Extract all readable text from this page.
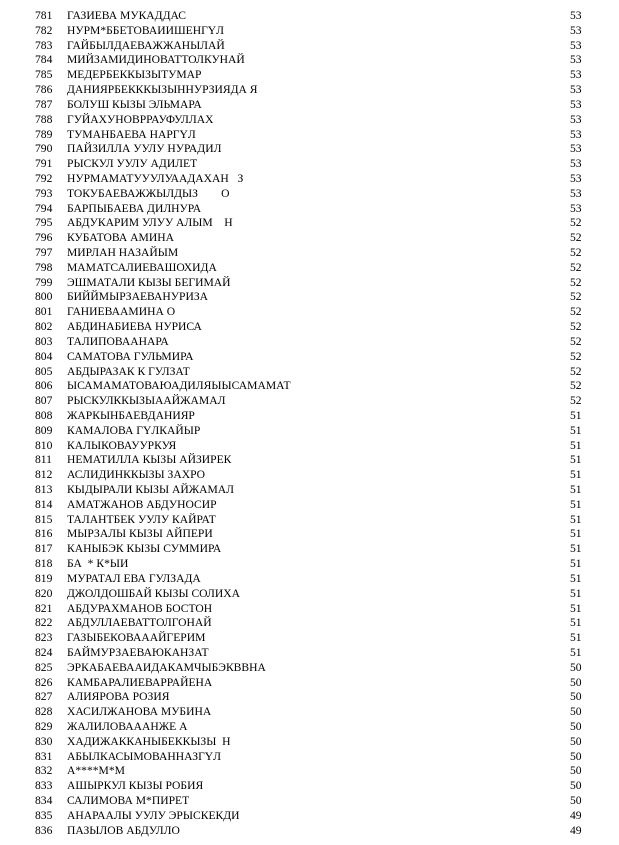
781 ГАЗИЕВА МУКАДДАС	53
782 НУРМ*ББЕТОВАИИШЕНГҮЛ	53
783 ГАЙБЫЛДАЕВАЖЖАНЫЛАЙ	53
784 МИЙЗАМИДИНОВАТТОЛКУНАЙ	53
785 МЕДЕРБЕККЫЗЫТУМАР	53
786 ДАНИЯРБЕКККЫЗЫННУРЗИЯДА Я	53
787 БОЛУШ КЫЗЫ ЭЛЬМАРА	53
788 ГУЙАХУНОВРРАУФУЛЛАХ	53
789 ТУМАНБАЕВА НАРГҮЛ	53
790 ПАЙЗИЛЛА УУЛУ НУРАДИЛ	53
791 РЫСКУЛ УУЛУ АДИЛЕТ	53
792 НУРМАМАТУУУЛУААДАХАН   З	53
793 ТОКУБАЕВАЖЖЫЛДЫЗ        О	53
794 БАРПЫБАЕВА ДИЛНУРА	53
795 АБДУКАРИМ УЛУУ АЛЫМ    Н	52
796 КУБАТОВА АМИНА	52
797 МИРЛАН НАЗАЙЫМ	52
798 МАМАТСАЛИЕВАШОХИДА	52
799 ЭШМАТАЛИ КЫЗЫ БЕГИМАЙ	52
800 БИЙЙМЫРЗАЕВАНУРИЗА	52
801 ГАНИЕВААМИНА О	52
802 АБДИНАБИЕВА НУРИСА	52
803 ТАЛИПОВААНАРА	52
804 САМАТОВА ГУЛЬМИРА	52
805 АБДЫРАЗАК К ГУЛЗАТ	52
806 ЫСАМАМАТОВАЮАДИЛЯЫЫСАМАМАТ	52
807 РЫСКУЛККЫЗЫААЙЖАМАЛ	52
808 ЖАРКЫНБАЕВДАНИЯР	51
809 КАМАЛОВА ГҮЛКАЙЫР	51
810 КАЛЫКОВАУУРКУЯ	51
811 НЕМАТИЛЛА КЫЗЫ АЙЗИРЕК	51
812 АСЛИДИНККЫЗЫ ЗАХРО	51
813 КЫДЫРАЛИ КЫЗЫ АЙЖАМАЛ	51
814 АМАТЖАНОВ АБДУНОСИР	51
815 ТАЛАНТБЕК УУЛУ КАЙРАТ	51
816 МЫРЗАЛЫ КЫЗЫ АЙПЕРИ	51
817 КАНЫБЭК КЫЗЫ СУММИРА	51
818 БА  * К*ЫИ	51
819 МУРАТАЛ ЕВА ГУЛЗАДА	51
820 ДЖОЛДОШБАЙ КЫЗЫ СОЛИХА	51
821 АБДУРАХМАНОВ БОСТОН	51
822 АБДУЛЛАЕВАТТОЛГОНАЙ	51
823 ГАЗЫБЕКОВАААЙГЕРИМ	51
824 БАЙМУРЗАЕВАЮКАНЗАТ	51
825 ЭРКАБАЕВААИДАКАМЧЫБЭКВВНА	50
826 КАМБАРАЛИЕВАРРАЙЕНА	50
827 АЛИЯРОВА РОЗИЯ	50
828 ХАСИЛЖАНОВА МУБИНА	50
829 ЖАЛИЛОВАААНЖЕ А	50
830 ХАДИЖАККАНЫБЕККЫЗЫ  Н	50
831 АБЫЛКАСЫМОВАННАЗГҮЛ	50
832 А****М*М	50
833 АШЫРКУЛ КЫЗЫ РОБИЯ	50
834 САЛИМОВА М*ПИРЕТ	50
835 АНАРААЛЫ УУЛУ ЭРЫСКЕКДИ	49
836 ПАЗЫЛОВ АБДУЛЛО	49
